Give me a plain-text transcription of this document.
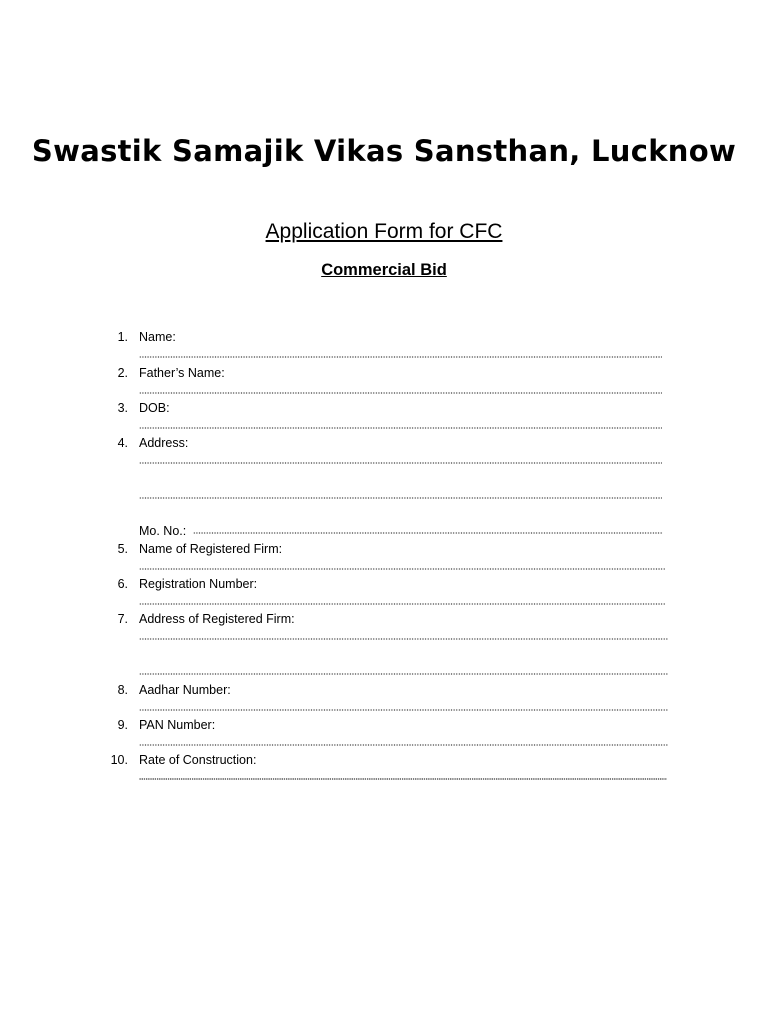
Swastik Samajik Vikas Sansthan, Lucknow
Application Form for CFC
Commercial Bid
1. Name:
2. Father’s Name:
3. DOB:
4. Address:
Mo. No.:
5. Name of Registered Firm:
6. Registration Number:
7. Address of Registered Firm:
8. Aadhar Number:
9. PAN Number:
10. Rate of Construction:
